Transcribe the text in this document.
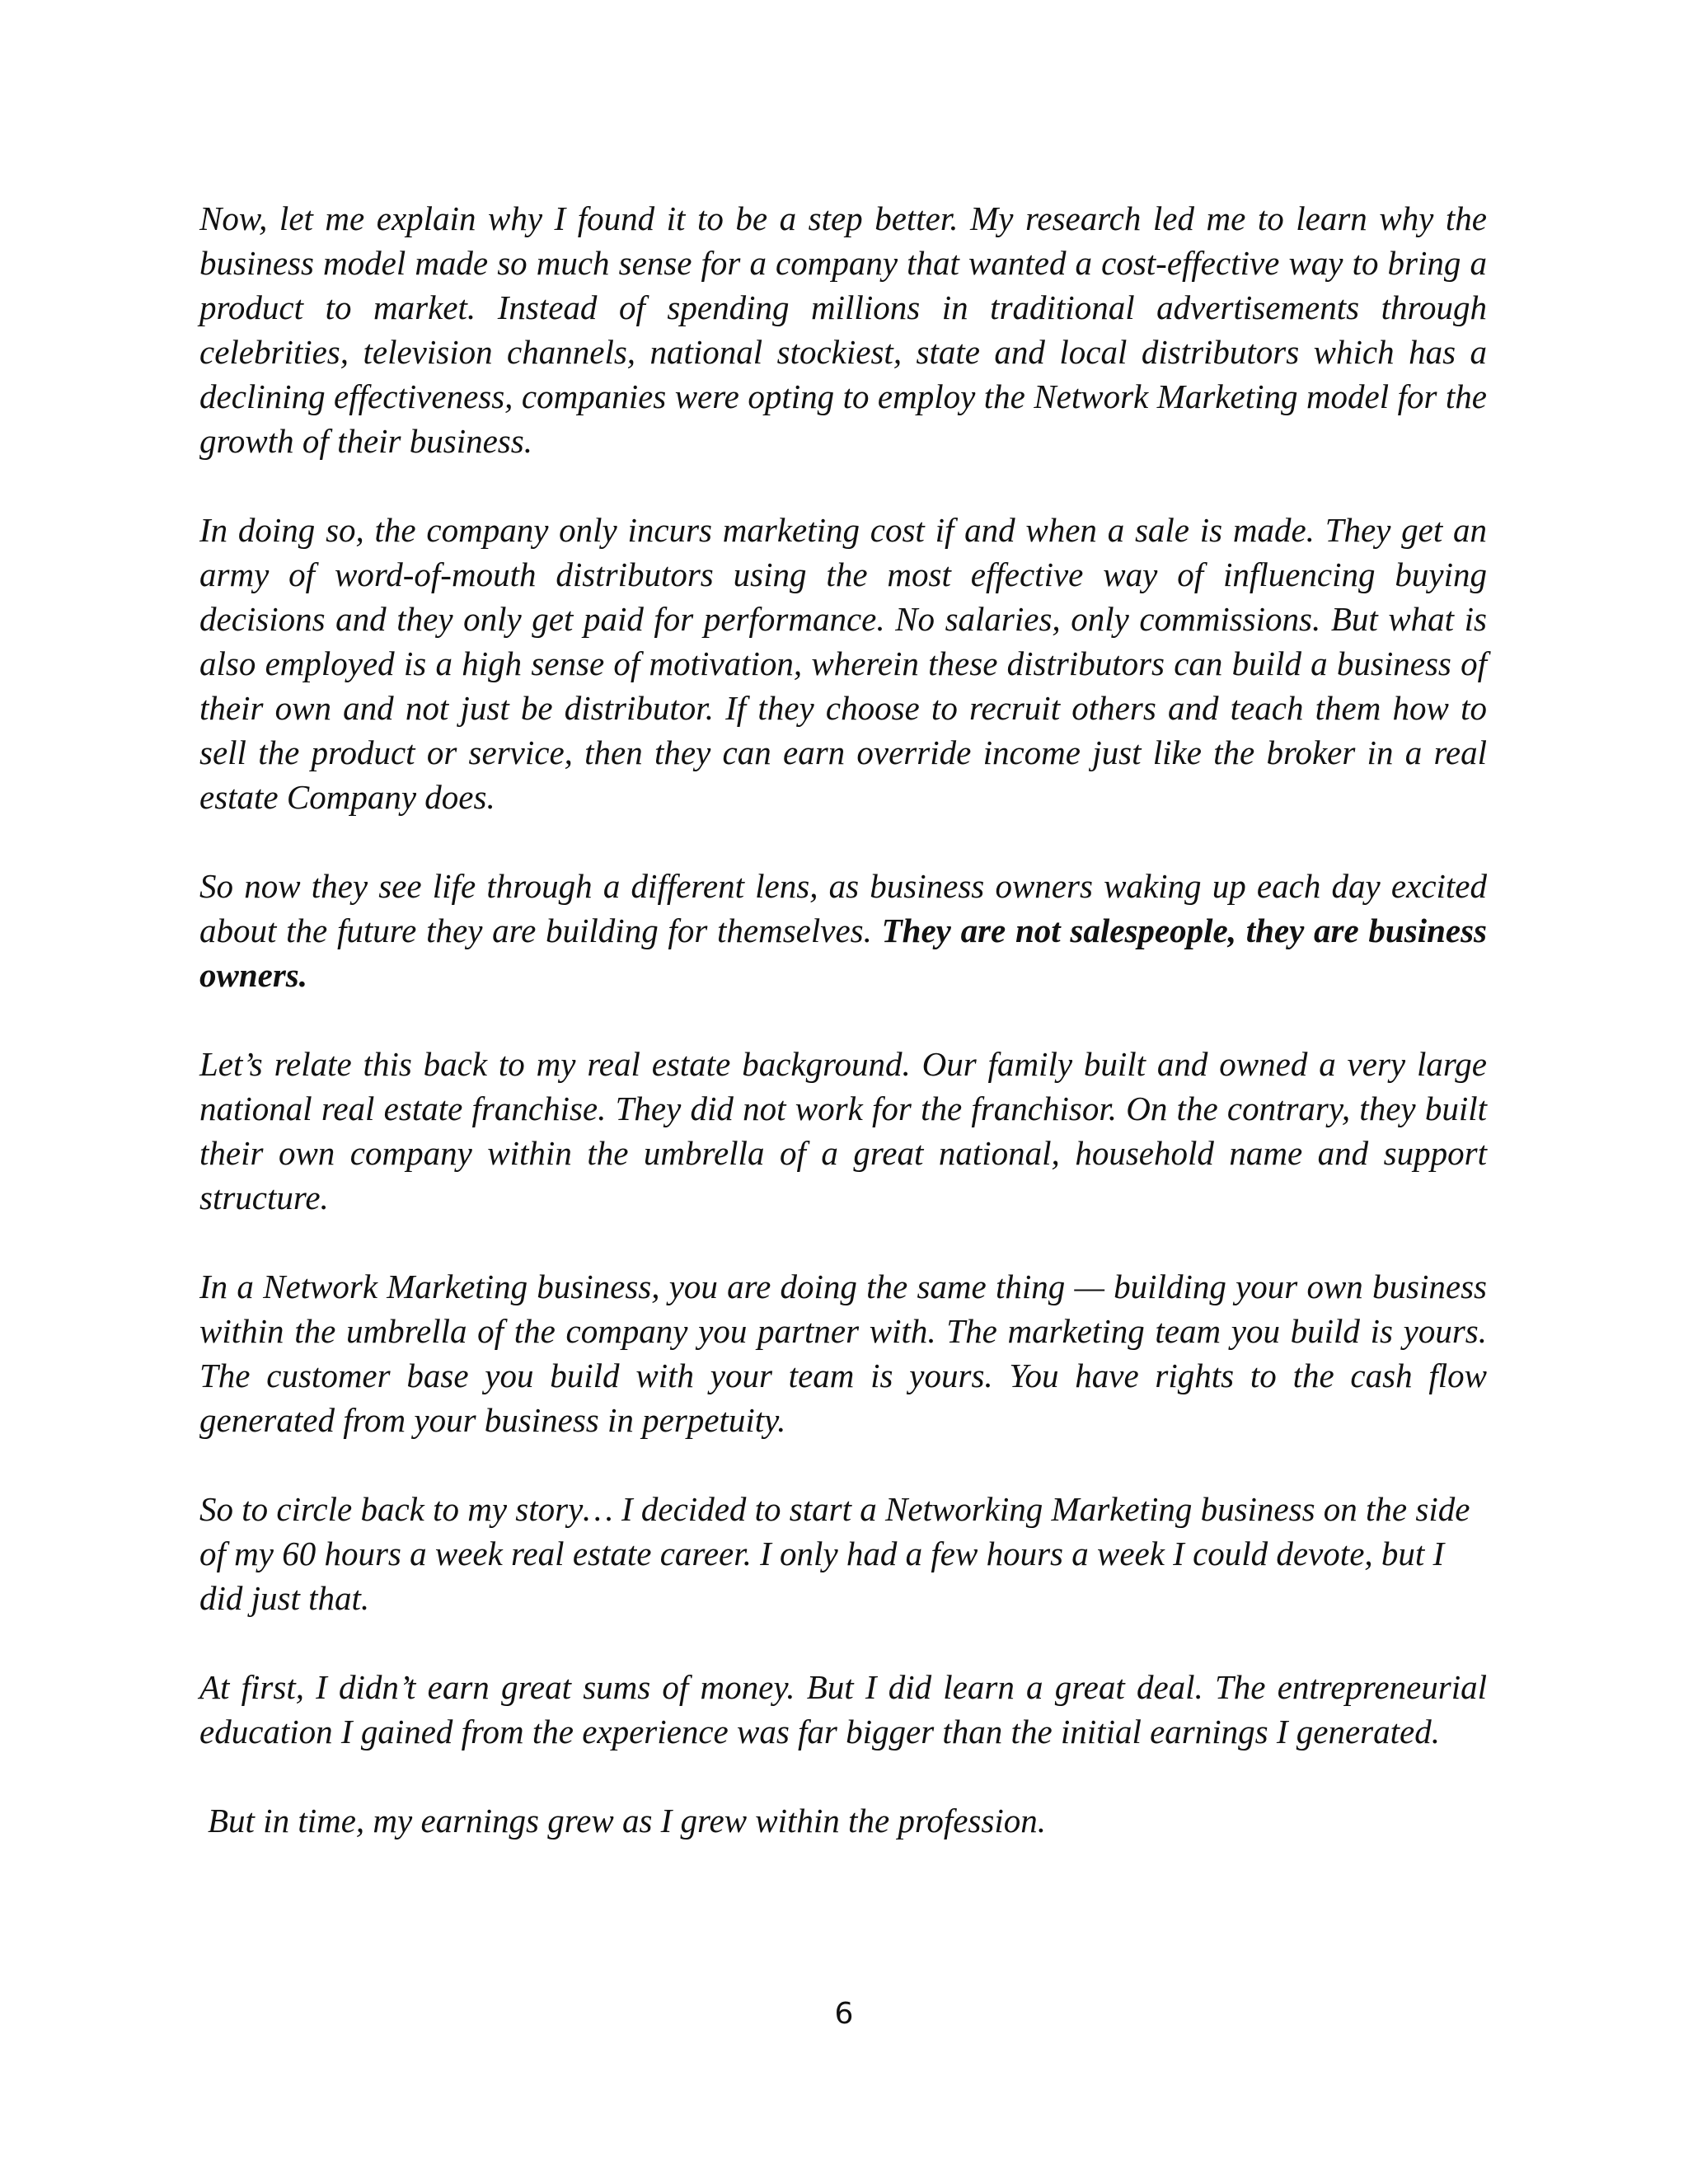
Now, let me explain why I found it to be a step better. My research led me to learn why the business model made so much sense for a company that wanted a cost-effective way to bring a product to market. Instead of spending millions in traditional advertisements through celebrities, television channels, national stockiest, state and local distributors which has a declining effectiveness, companies were opting to employ the Network Marketing model for the growth of their business.

In doing so, the company only incurs marketing cost if and when a sale is made. They get an army of word-of-mouth distributors using the most effective way of influencing buying decisions and they only get paid for performance. No salaries, only commissions. But what is also employed is a high sense of motivation, wherein these distributors can build a business of their own and not just be distributor. If they choose to recruit others and teach them how to sell the product or service, then they can earn override income just like the broker in a real estate Company does.

So now they see life through a different lens, as business owners waking up each day excited about the future they are building for themselves. They are not salespeople, they are business owners.

Let’s relate this back to my real estate background. Our family built and owned a very large national real estate franchise. They did not work for the franchisor. On the contrary, they built their own company within the umbrella of a great national, household name and support structure.

In a Network Marketing business, you are doing the same thing — building your own business within the umbrella of the company you partner with. The marketing team you build is yours. The customer base you build with your team is yours. You have rights to the cash flow generated from your business in perpetuity.

So to circle back to my story… I decided to start a Networking Marketing business on the side of my 60 hours a week real estate career. I only had a few hours a week I could devote, but I did just that.

At first, I didn’t earn great sums of money. But I did learn a great deal. The entrepreneurial education I gained from the experience was far bigger than the initial earnings I generated.

But in time, my earnings grew as I grew within the profession.

6
